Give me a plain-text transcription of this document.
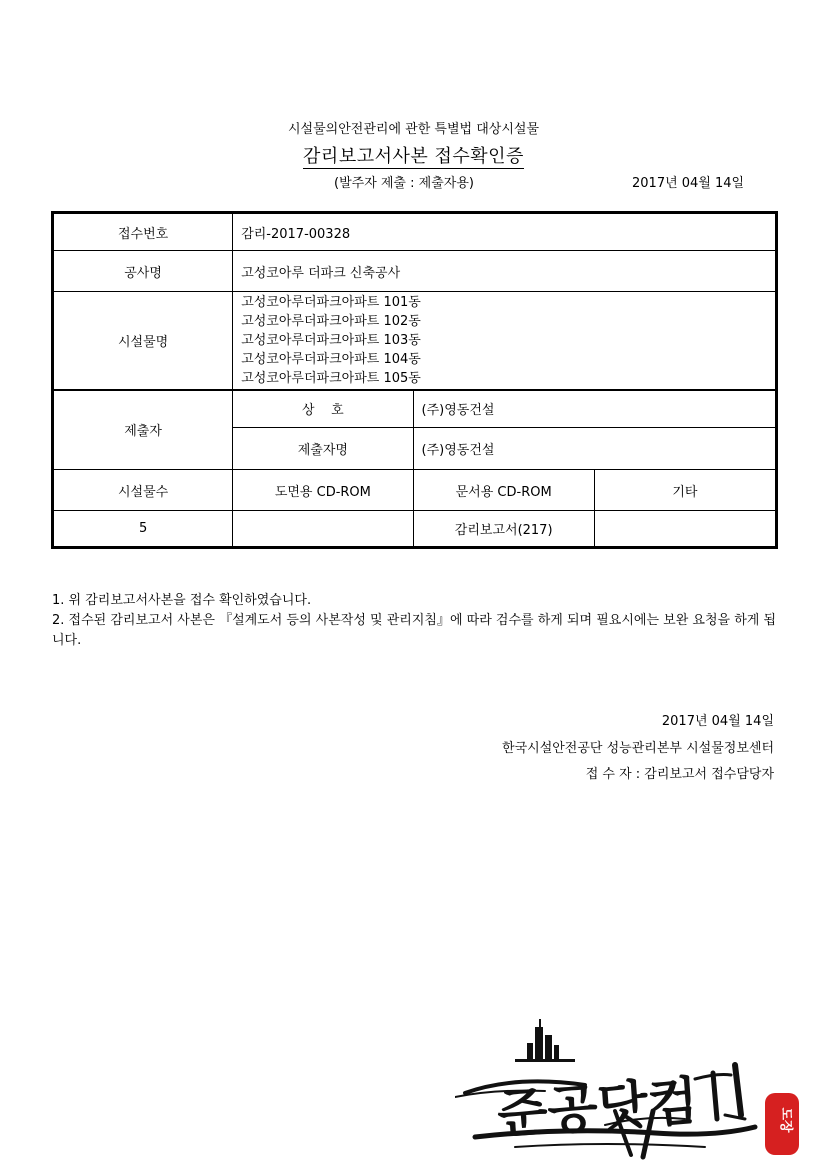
시설물의안전관리에 관한 특별법 대상시설물
감리보고서사본 접수확인증
(발주자 제출 : 제출자용)	2017년 04월 14일
접수번호	감리-2017-00328		
공사명	고성코아루 더파크 신축공사		
시설물명	고성코아루더파크아파트 101동
고성코아루더파크아파트 102동
고성코아루더파크아파트 103동
고성코아루더파크아파트 104동
고성코아루더파크아파트 105동		

제출자	상    호	(주)영동건설	
	제출자명	(주)영동건설	
시설물수	도면용 CD-ROM	문서용 CD-ROM	기타
5		감리보고서(217)	

1. 위 감리보고서사본을 접수 확인하였습니다.

2. 접수된 감리보고서 사본은 『설계도서 등의 사본작성 및 관리지침』에 따라 검수를 하게 되며 필요시에는 보완 요청을 하게 됩니다.

2017년 04월 14일
한국시설안전공단 성능관리본부 시설물정보센터
접 수 자 : 감리보고서 접수담당자
준공닷컴	도장
